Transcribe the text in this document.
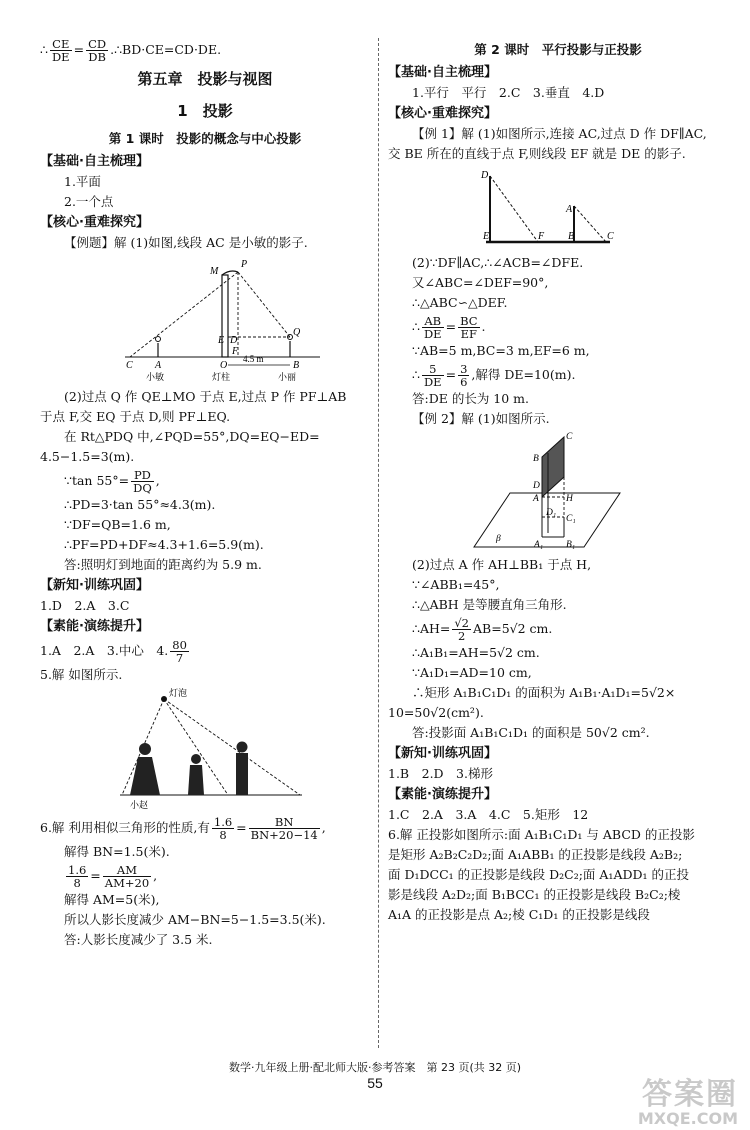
∴ $\frac{CE}{DE} = \frac{CD}{DB}$ .∴BD·CE=CD·DE.
第五章　投影与视图
1　投影
第 1 课时　投影的概念与中心投影
【基础·自主梳理】
1.平面
2.一个点
【核心·重难探究】
【例题】解 (1)如图,线段 AC 是小敏的影子.
M
P
E D
F
Q
C A	O	B
4.5 m
小敏	灯柱	小丽
(2)过点 Q 作 QE⊥MO 于点 E,过点 P 作 PF⊥AB
于点 F,交 EQ 于点 D,则 PF⊥EQ.
在 Rt△PDQ 中,∠PQD=55°,DQ=EQ−ED=
4.5−1.5=3(m).
∵tan $55^\circ= \frac{PD}{DQ}$ ,
∴PD=3·tan 55°≈4.3(m).
∵DF=QB=1.6 m,
∴PF=PD+DF≈4.3+1.6=5.9(m).
答:照明灯到地面的距离约为 5.9 m.
【新知·训练巩固】
1.D　2.A　3.C
【素能·演练提升】
1.A　2.A　3.中心　4. $\frac{80}{7}$
5.解 如图所示.
灯泡
小赵
6.解 利用相似三角形的性质,有 $\frac{1.6}{8} = \frac{BN}{BN+20-14}$ ,
解得 BN=1.5(米).
$\frac{1.6}{8} = \frac{AM}{AM+20}$ ,
解得 AM=5(米),
所以人影长度减少 AM−BN=5−1.5=3.5(米).
答:人影长度减少了 3.5 米.
第 2 课时　平行投影与正投影
【基础·自主梳理】
1.平行　平行　2.C　3.垂直　4.D
【核心·重难探究】
【例 1】解 (1)如图所示,连接 AC,过点 D 作 DF∥AC,
交 BE 所在的直线于点 F,则线段 EF 就是 DE 的影子.
D
A
E	F B	C
(2)∵DF∥AC,∴∠ACB=∠DFE.
又∠ABC=∠DEF=90°,
∴△ABC∽△DEF.
∴ $\frac{AB}{DE} = \frac{BC}{EF}$ .
∵AB=5 m,BC=3 m,EF=6 m,
∴ $\frac{5}{DE} = \frac{3}{6}$ ,解得 DE=10(m).
答:DE 的长为 10 m.
【例 2】解 (1)如图所示.
C
B
A
D
H
D₁
C₁
A₁ B₁
β
(2)过点 A 作 AH⊥BB₁ 于点 H,
∵∠ABB₁=45°,
∴△ABH 是等腰直角三角形.
∴AH= $\frac{√2}{2} AB=5√2$ cm.
∴A₁B₁=AH=5√2 cm.
∵A₁D₁=AD=10 cm,
∴矩形 A₁B₁C₁D₁ 的面积为 A₁B₁·A₁D₁=5√2×
10=50√2(cm²).
答:投影面 A₁B₁C₁D₁ 的面积是 50√2 cm².
【新知·训练巩固】
1.B　2.D　3.梯形
【素能·演练提升】
1.C　2.A　3.A　4.C　5.矩形　12
6.解 正投影如图所示:面 A₁B₁C₁D₁ 与 ABCD 的正投影
是矩形 A₂B₂C₂D₂;面 A₁ABB₁ 的正投影是线段 A₂B₂;
面 D₁DCC₁ 的正投影是线段 D₂C₂;面 A₁ADD₁ 的正投
影是线段 A₂D₂;面 B₁BCC₁ 的正投影是线段 B₂C₂;棱
A₁A 的正投影是点 A₂;棱 C₁D₁ 的正投影是线段
数学·九年级上册·配北师大版·参考答案　第 23 页(共 32 页)
55	答案圈
MXQE.COM
